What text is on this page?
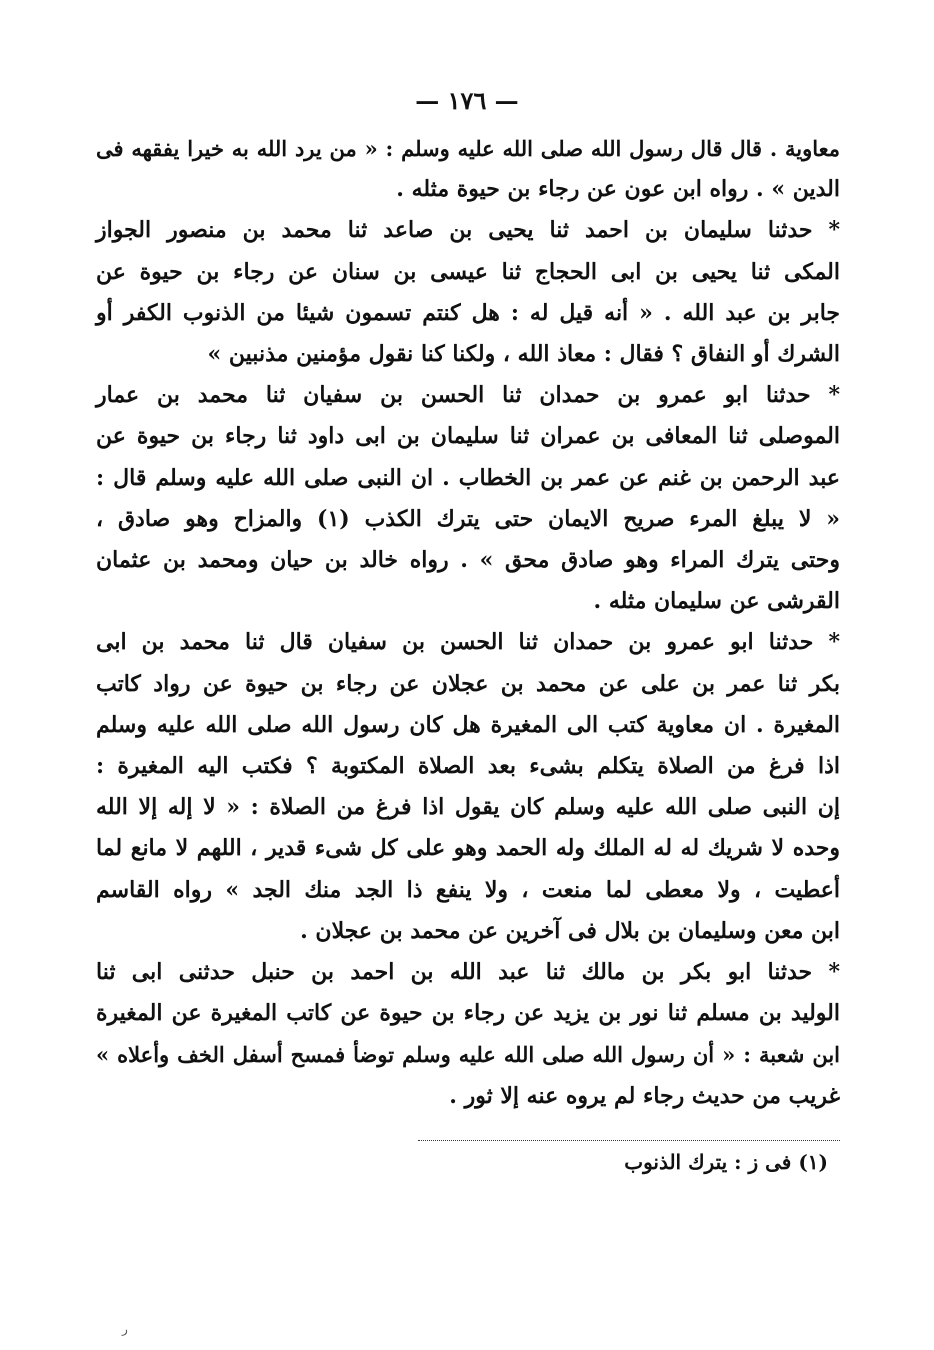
— ١٧٦ —

معاوية . قال قال رسول الله صلى الله عليه وسلم : « من يرد الله به خيرا يفقهه فى
الدين » . رواه ابن عون عن رجاء بن حيوة مثله .

* حدثنا سليمان بن احمد ثنا يحيى بن صاعد ثنا محمد بن منصور الجواز
المكى ثنا يحيى بن ابى الحجاج ثنا عيسى بن سنان عن رجاء بن حيوة عن
جابر بن عبد الله . « أنه قيل له : هل كنتم تسمون شيئا من الذنوب الكفر أو
الشرك أو النفاق ؟ فقال : معاذ الله ، ولكنا كنا نقول مؤمنين مذنبين »

* حدثنا ابو عمرو بن حمدان ثنا الحسن بن سفيان ثنا محمد بن عمار
الموصلى ثنا المعافى بن عمران ثنا سليمان بن ابى داود ثنا رجاء بن حيوة عن
عبد الرحمن بن غنم عن عمر بن الخطاب . ان النبى صلى الله عليه وسلم قال :
« لا يبلغ المرء صريح الايمان حتى يترك الكذب (١) والمزاح وهو صادق ،
وحتى يترك المراء وهو صادق محق » . رواه خالد بن حيان ومحمد بن عثمان
القرشى عن سليمان مثله .

* حدثنا ابو عمرو بن حمدان ثنا الحسن بن سفيان قال ثنا محمد بن ابى
بكر ثنا عمر بن على عن محمد بن عجلان عن رجاء بن حيوة عن رواد كاتب
المغيرة . ان معاوية كتب الى المغيرة هل كان رسول الله صلى الله عليه وسلم
اذا فرغ من الصلاة يتكلم بشىء بعد الصلاة المكتوبة ؟ فكتب اليه المغيرة :
إن النبى صلى الله عليه وسلم كان يقول اذا فرغ من الصلاة : « لا إله إلا الله
وحده لا شريك له له الملك وله الحمد وهو على كل شىء قدير ، اللهم لا مانع لما
أعطيت ، ولا معطى لما منعت ، ولا ينفع ذا الجد منك الجد » رواه القاسم
ابن معن وسليمان بن بلال فى آخرين عن محمد بن عجلان .

* حدثنا ابو بكر بن مالك ثنا عبد الله بن احمد بن حنبل حدثنى ابى ثنا
الوليد بن مسلم ثنا نور بن يزيد عن رجاء بن حيوة عن كاتب المغيرة عن المغيرة
ابن شعبة : « أن رسول الله صلى الله عليه وسلم توضأ فمسح أسفل الخف وأعلاه »
غريب من حديث رجاء لم يروه عنه إلا ثور .

(١) فى ز : يترك الذنوب
ر
